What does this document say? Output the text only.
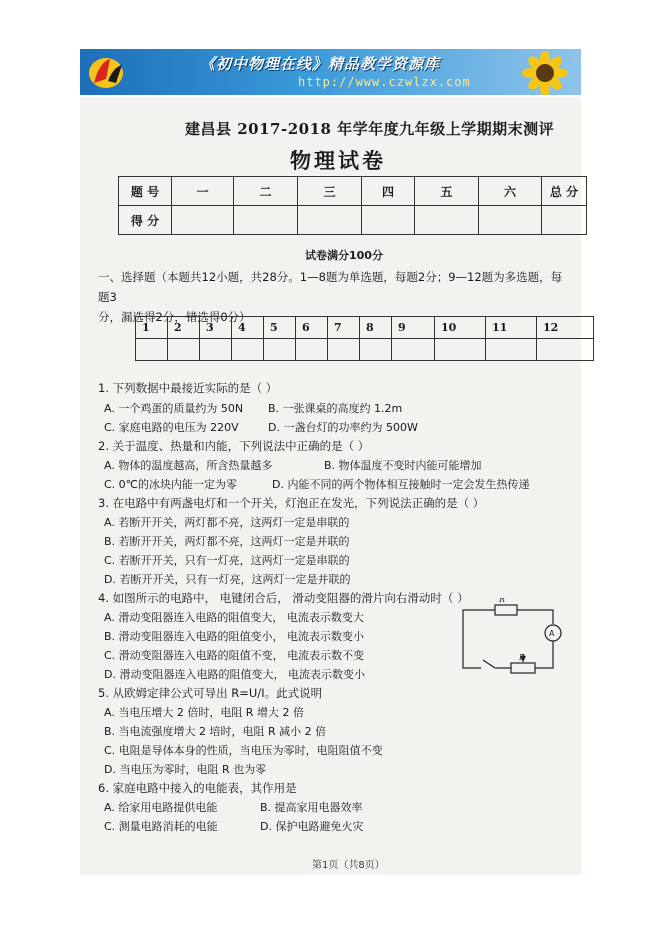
《初中物理在线》精品教学资源库
http://www.czwlzx.com
建昌县 2017-2018 年学年度九年级上学期期末测评
物理试卷
题 号	一	二	三	四	五	六	总 分
得 分							
试卷满分100分
一、选择题（本题共12小题，共28分。1—8题为单选题，每题2分；9—12题为多选题，每题3
分，漏选得2分，错选得0分）
1	2	3	4	5	6	7	8	9	10	11	12

1. 下列数据中最接近实际的是（ ）
A. 一个鸡蛋的质量约为 50N B. 一张课桌的高度约 1.2m
C. 家庭电路的电压为 220V	D. 一盏台灯的功率约为 500W
2. 关于温度、热量和内能，下列说法中正确的是（ ）
A. 物体的温度越高，所含热量越多	B. 物体温度不变时内能可能增加
C. 0℃的冰块内能一定为零	D. 内能不同的两个物体相互接触时一定会发生热传递
3. 在电路中有两盏电灯和一个开关，灯泡正在发光，下列说法正确的是（ ）
A. 若断开开关，两灯都不亮，这两灯一定是串联的
B. 若断开开关，两灯都不亮，这两灯一定是并联的
C. 若断开开关，只有一灯亮，这两灯一定是串联的
D. 若断开开关，只有一灯亮，这两灯一定是并联的
4. 如图所示的电路中， 电键闭合后， 滑动变阻器的滑片向右滑动时（ ）
A. 滑动变阻器连入电路的阻值变大， 电流表示数变大
B. 滑动变阻器连入电路的阻值变小， 电流表示数变小
C. 滑动变阻器连入电路的阻值不变， 电流表示数不变
D. 滑动变阻器连入电路的阻值变大， 电流表示数变小
R
A
R
5. 从欧姆定律公式可导出 R=U/I。此式说明
A. 当电压增大 2 倍时，电阻 R 增大 2 倍
B. 当电流强度增大 2 培时，电阻 R 减小 2 倍
C. 电阻是导体本身的性质，当电压为零时，电阻阻值不变
D. 当电压为零时，电阻 R 也为零
6. 家庭电路中接入的电能表，其作用是
A. 给家用电路提供电能	B. 提高家用电器效率
C. 测量电路消耗的电能	D. 保护电路避免火灾
第1页（共8页）
